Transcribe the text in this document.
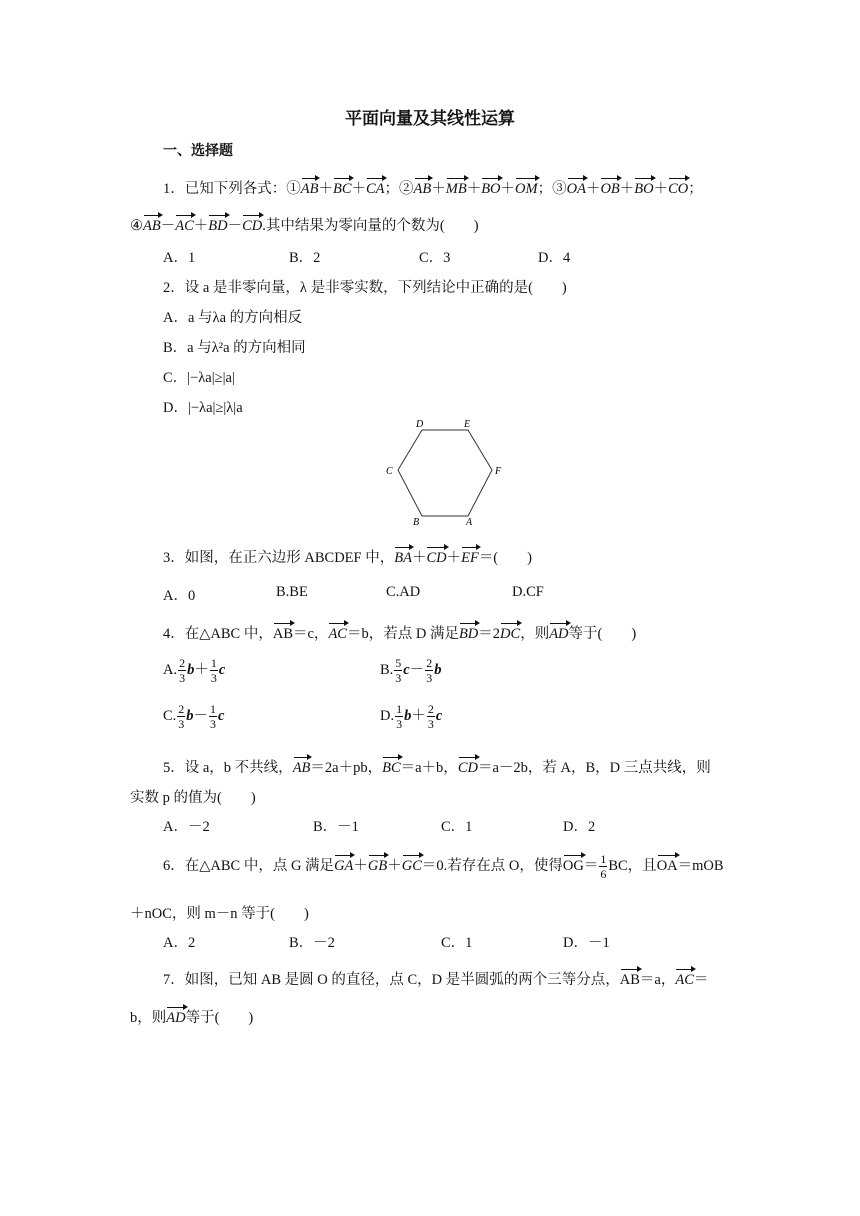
平面向量及其线性运算
一、选择题
1．已知下列各式：①AB＋BC＋CA；②AB＋MB＋BO＋OM；③OA＋OB＋BO＋CO；
④AB－AC＋BD－CD.其中结果为零向量的个数为(　　)
A．1	B．2	C．3	D．4
2．设 a 是非零向量，λ 是非零实数，下列结论中正确的是(　　)
A．a 与λa 的方向相反
B．a 与λ²a 的方向相同
C．|−λa|≥|a|
D．|−λa|≥|λ|a
D	E
C	F
B	A
3．如图，在正六边形 ABCDEF 中，BA＋CD＋EF＝(　　)
A．0	B.BE	C.AD	D.CF
4．在△ABC 中，AB＝c，AC＝b，若点 D 满足BD＝2DC，则AD等于(　　)
A. $\frac{2}{3} b+ \frac{1}{3}$ c	B. $\frac{5}{3} c- \frac{2}{3}$ b
C. $\frac{2}{3} b- \frac{1}{3}$ c	D. $\frac{1}{3} b+ \frac{2}{3}$ c
5．设 a，b 不共线，AB＝2a＋pb，BC＝a＋b，CD＝a－2b，若 A，B，D 三点共线，则
实数 p 的值为(　　)
A．－2	B．－1	C．1	D．2
6．在△ABC 中，点 G 满足GA＋GB＋GC＝0.若存在点 O，使得$OG= \frac{1}{6}$ BC，且OA＝mOB
＋nOC，则 m－n 等于(　　)
A．2	B．－2	C．1	D．－1
7．如图，已知 AB 是圆 O 的直径，点 C，D 是半圆弧的两个三等分点，AB＝a，AC＝
b，则AD等于(　　)
